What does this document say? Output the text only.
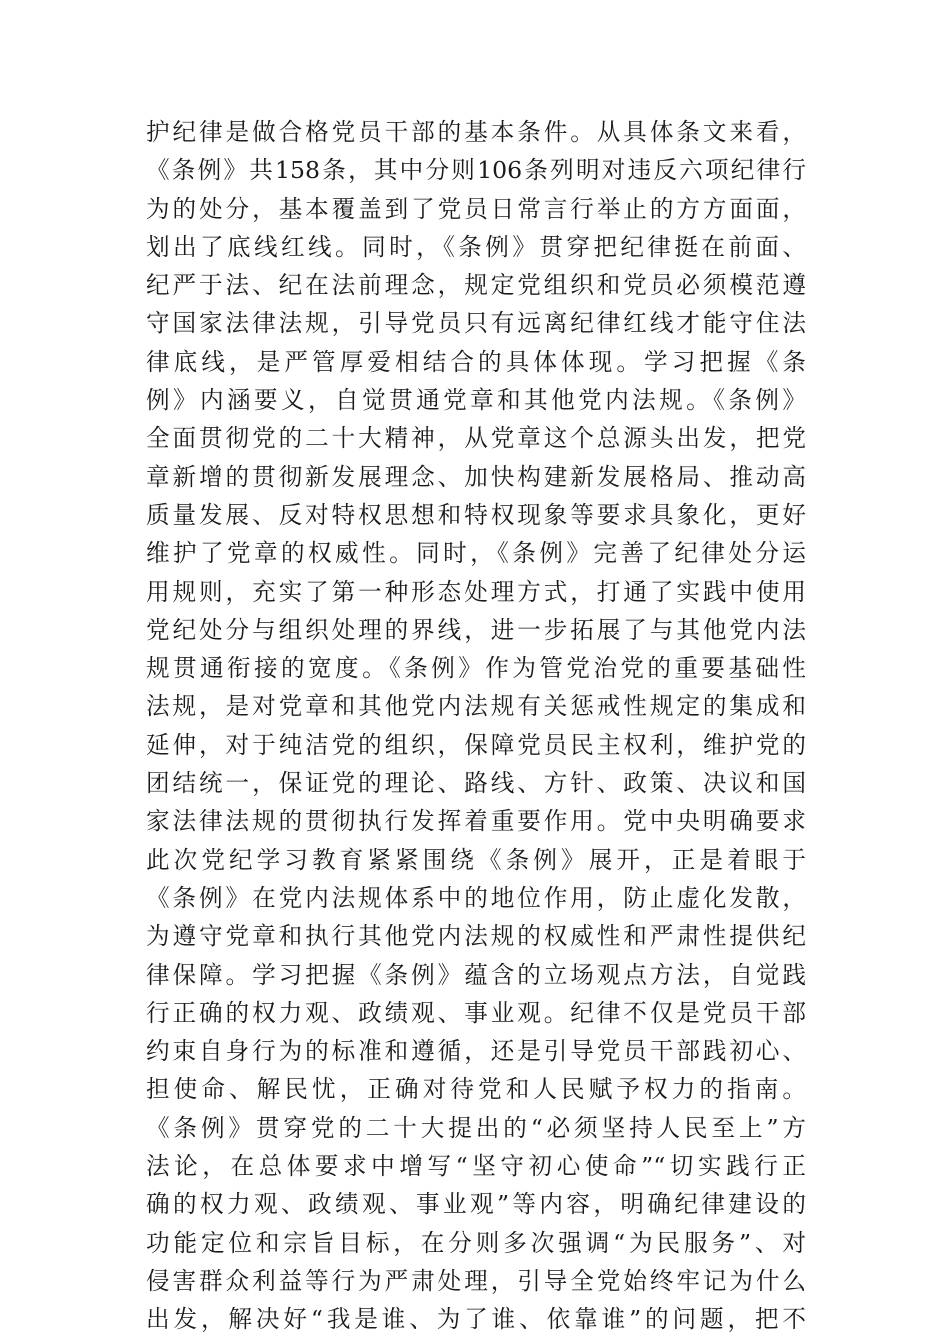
护纪律是做合格党员干部的基本条件。从具体条文来看，
《条例》共158条，其中分则106条列明对违反六项纪律行
为的处分，基本覆盖到了党员日常言行举止的方方面面，
划出了底线红线。同时，《条例》贯穿把纪律挺在前面、
纪严于法、纪在法前理念，规定党组织和党员必须模范遵
守国家法律法规，引导党员只有远离纪律红线才能守住法
律底线，是严管厚爱相结合的具体体现。学习把握《条
例》内涵要义，自觉贯通党章和其他党内法规。《条例》
全面贯彻党的二十大精神，从党章这个总源头出发，把党
章新增的贯彻新发展理念、加快构建新发展格局、推动高
质量发展、反对特权思想和特权现象等要求具象化，更好
维护了党章的权威性。同时，《条例》完善了纪律处分运
用规则，充实了第一种形态处理方式，打通了实践中使用
党纪处分与组织处理的界线，进一步拓展了与其他党内法
规贯通衔接的宽度。《条例》作为管党治党的重要基础性
法规，是对党章和其他党内法规有关惩戒性规定的集成和
延伸，对于纯洁党的组织，保障党员民主权利，维护党的
团结统一，保证党的理论、路线、方针、政策、决议和国
家法律法规的贯彻执行发挥着重要作用。党中央明确要求
此次党纪学习教育紧紧围绕《条例》展开，正是着眼于
《条例》在党内法规体系中的地位作用，防止虚化发散，
为遵守党章和执行其他党内法规的权威性和严肃性提供纪
律保障。学习把握《条例》蕴含的立场观点方法，自觉践
行正确的权力观、政绩观、事业观。纪律不仅是党员干部
约束自身行为的标准和遵循，还是引导党员干部践初心、
担使命、解民忧，正确对待党和人民赋予权力的指南。
《条例》贯穿党的二十大提出的“必须坚持人民至上”方
法论，在总体要求中增写“坚守初心使命”“切实践行正
确的权力观、政绩观、事业观”等内容，明确纪律建设的
功能定位和宗旨目标，在分则多次强调“为民服务”、对
侵害群众利益等行为严肃处理，引导全党始终牢记为什么
出发，解决好“我是谁、为了谁、依靠谁”的问题，把不
